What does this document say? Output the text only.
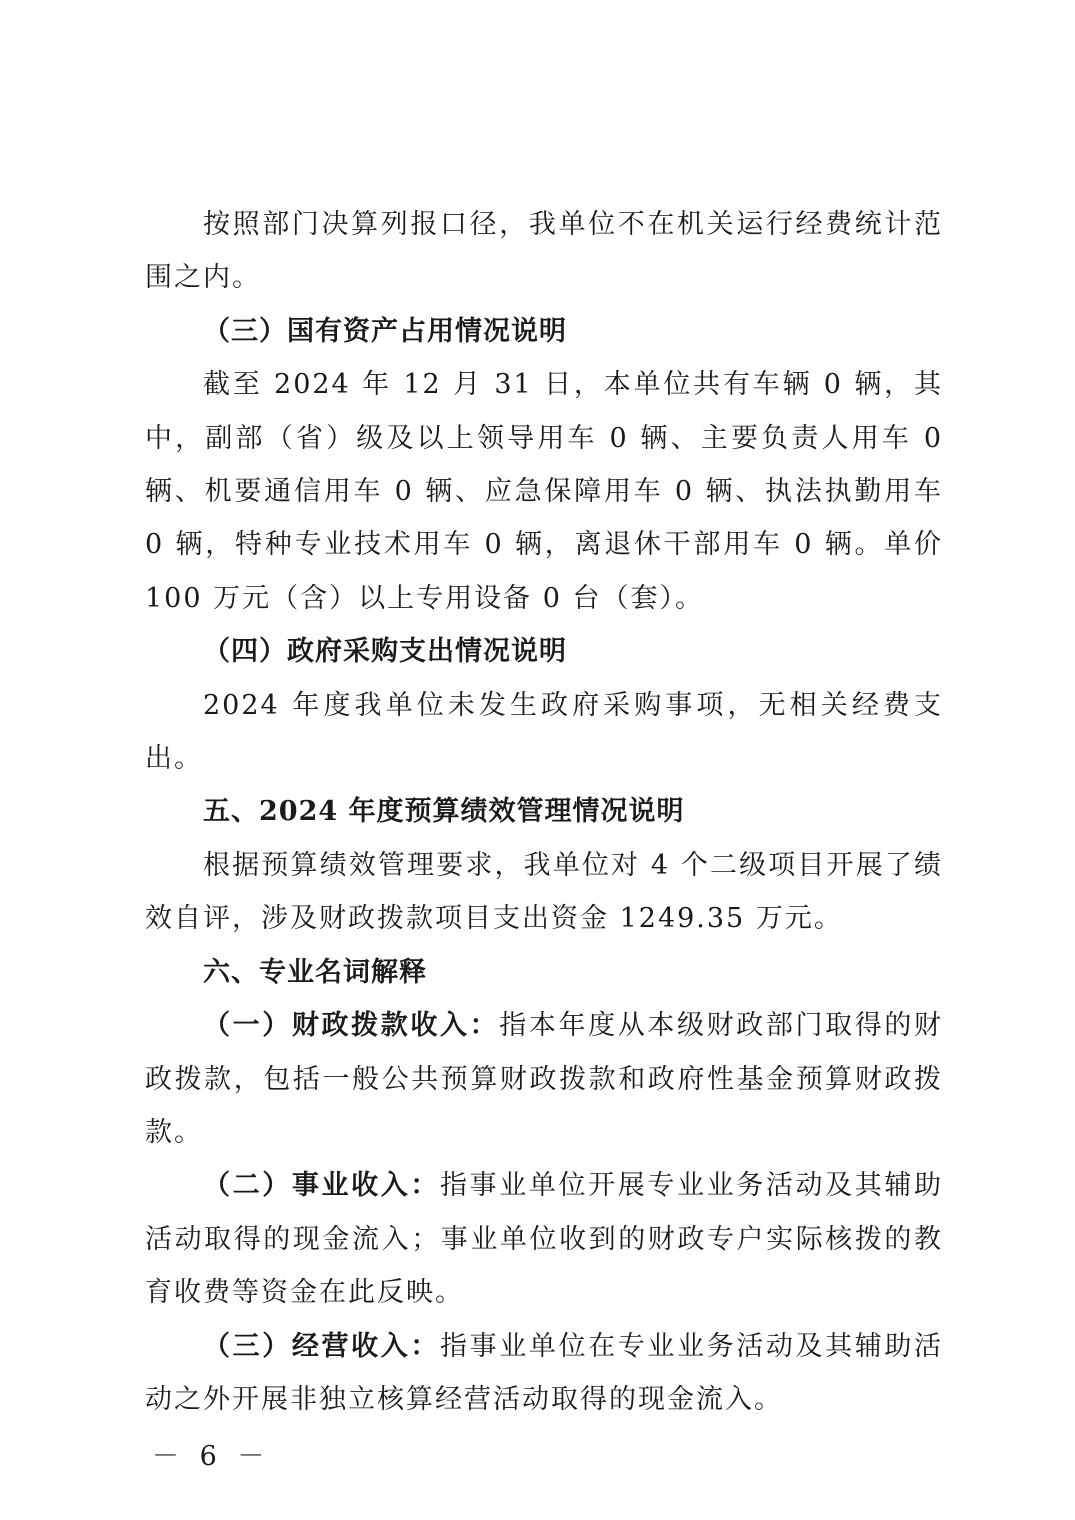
按照部门决算列报口径，我单位不在机关运行经费统计范围之内。

（三）国有资产占用情况说明

截至 2024 年 12 月 31 日，本单位共有车辆 0 辆，其中，副部（省）级及以上领导用车 0 辆、主要负责人用车 0 辆、机要通信用车 0 辆、应急保障用车 0 辆、执法执勤用车 0 辆，特种专业技术用车 0 辆，离退休干部用车 0 辆。单价 100 万元（含）以上专用设备 0 台（套）。

（四）政府采购支出情况说明

2024 年度我单位未发生政府采购事项，无相关经费支出。

五、2024 年度预算绩效管理情况说明

根据预算绩效管理要求，我单位对 4 个二级项目开展了绩效自评，涉及财政拨款项目支出资金 1249.35 万元。

六、专业名词解释

（一）财政拨款收入：指本年度从本级财政部门取得的财政拨款，包括一般公共预算财政拨款和政府性基金预算财政拨款。

（二）事业收入：指事业单位开展专业业务活动及其辅助活动取得的现金流入；事业单位收到的财政专户实际核拨的教育收费等资金在此反映。

（三）经营收入：指事业单位在专业业务活动及其辅助活动之外开展非独立核算经营活动取得的现金流入。

－ 6 －
